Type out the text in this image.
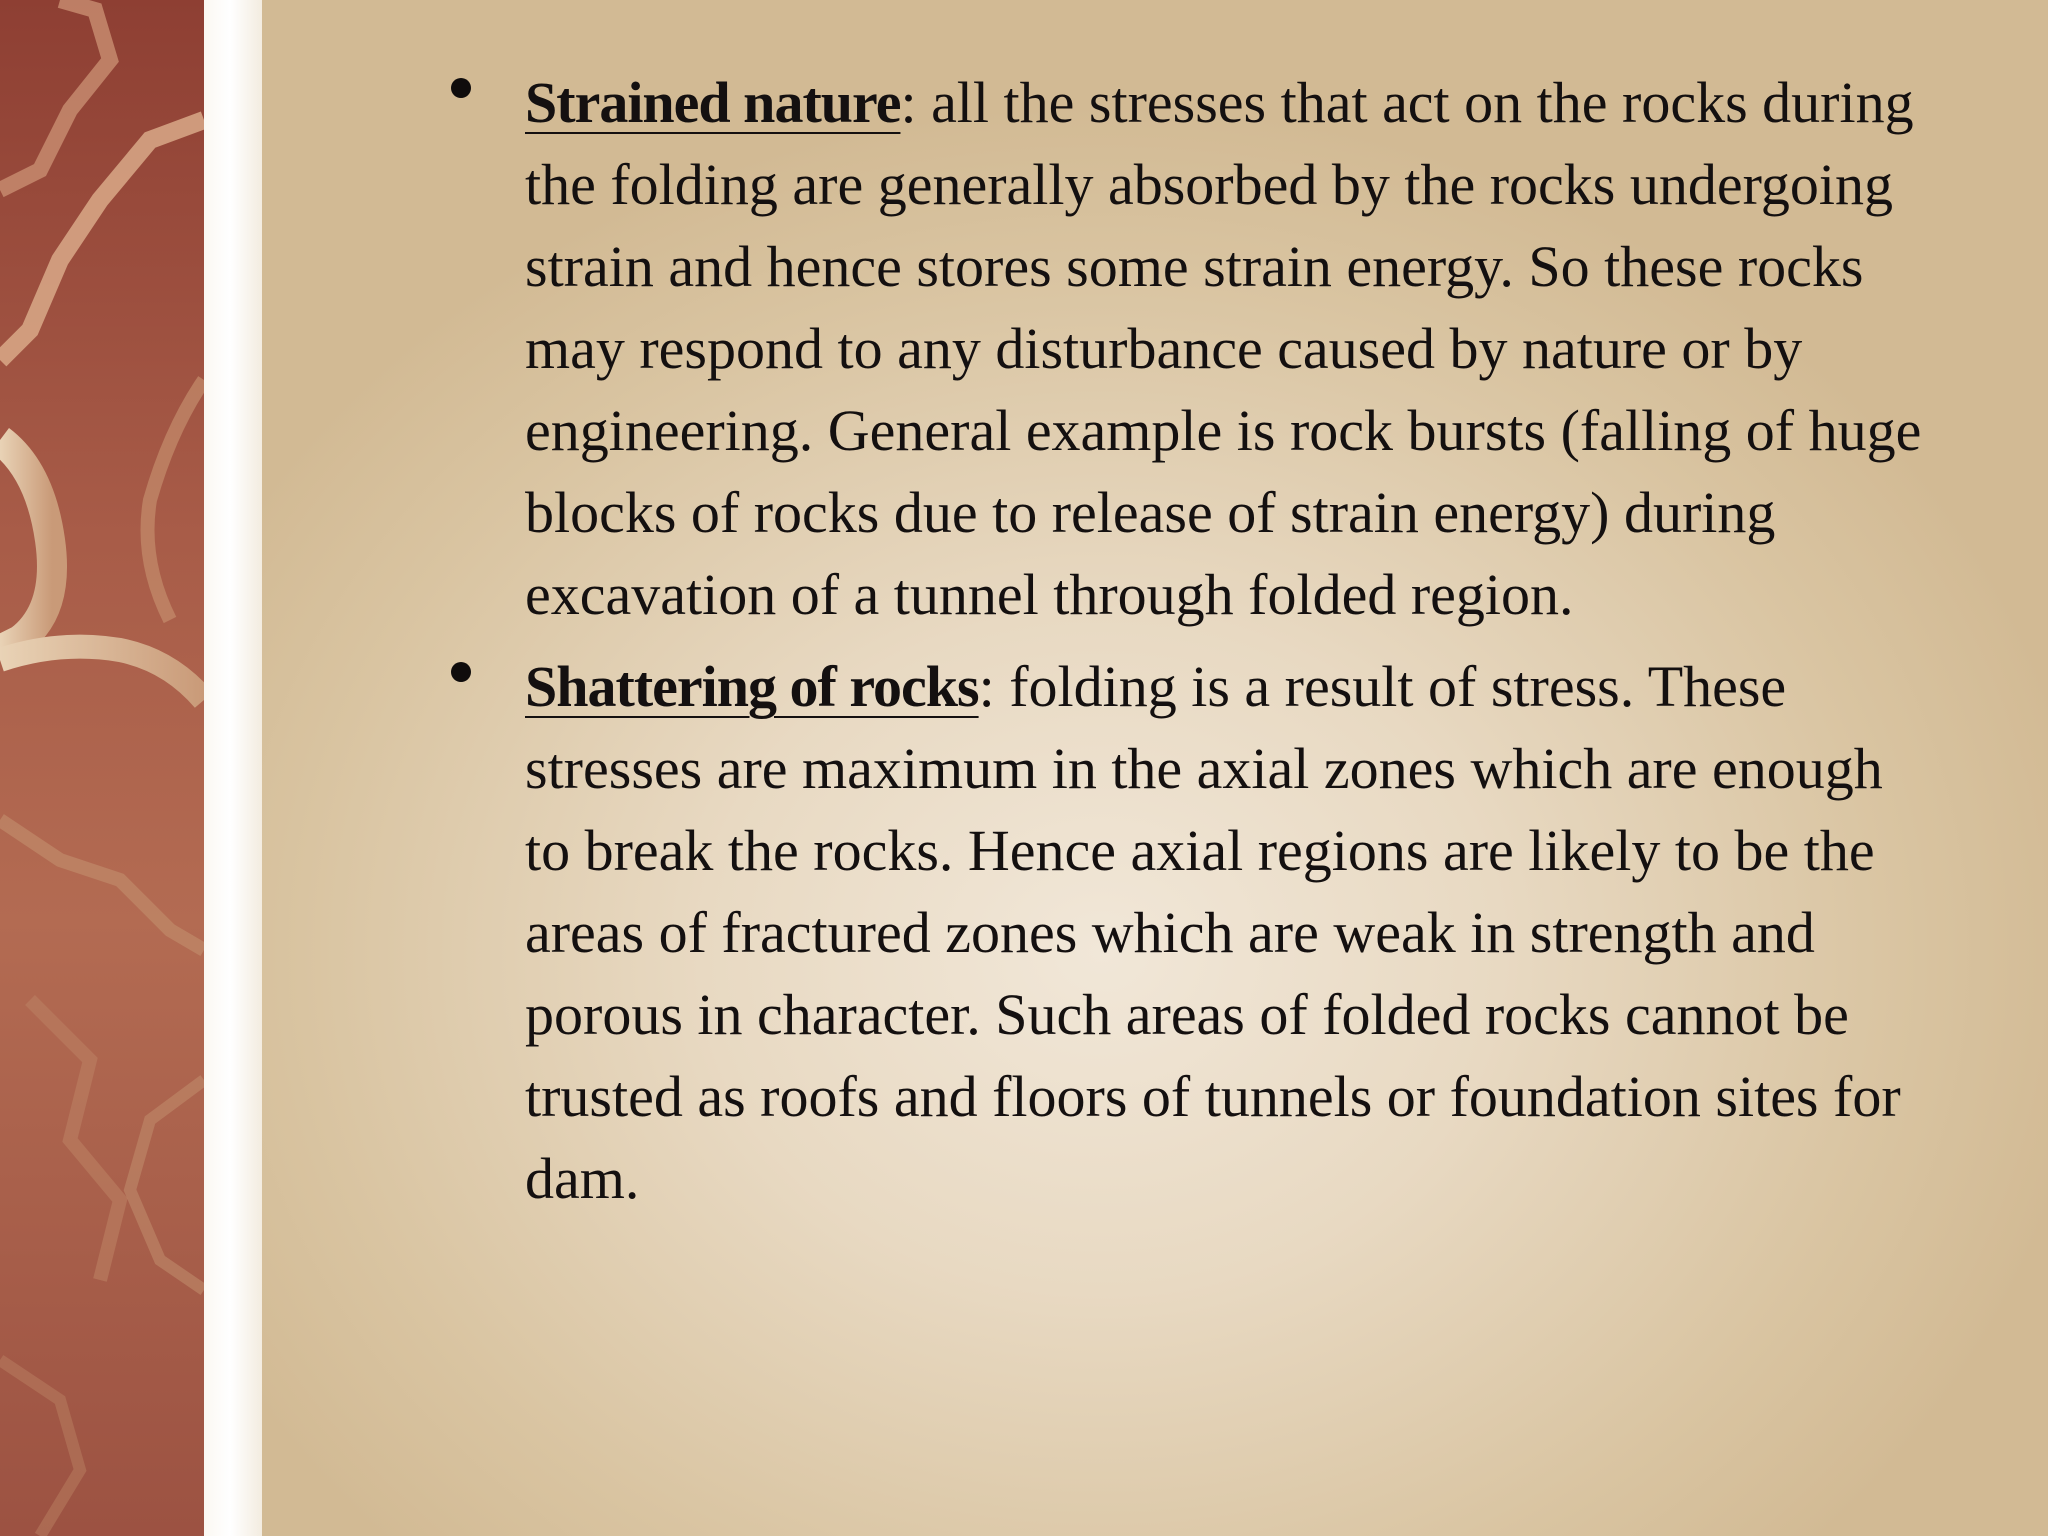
Strained nature: all the stresses that act on the rocks during the folding are generally absorbed by the rocks undergoing strain and hence stores some strain energy. So these rocks may respond to any disturbance caused by nature or by engineering. General example is rock bursts (falling of huge blocks of rocks due to release of strain energy) during excavation of a tunnel through folded region.
Shattering of rocks: folding is a result of stress. These stresses are maximum in the axial zones which are enough to break the rocks. Hence axial regions are likely to be the areas of fractured zones which are weak in strength and porous in character. Such areas of folded rocks cannot be trusted as roofs and floors of tunnels or foundation sites for dam.
